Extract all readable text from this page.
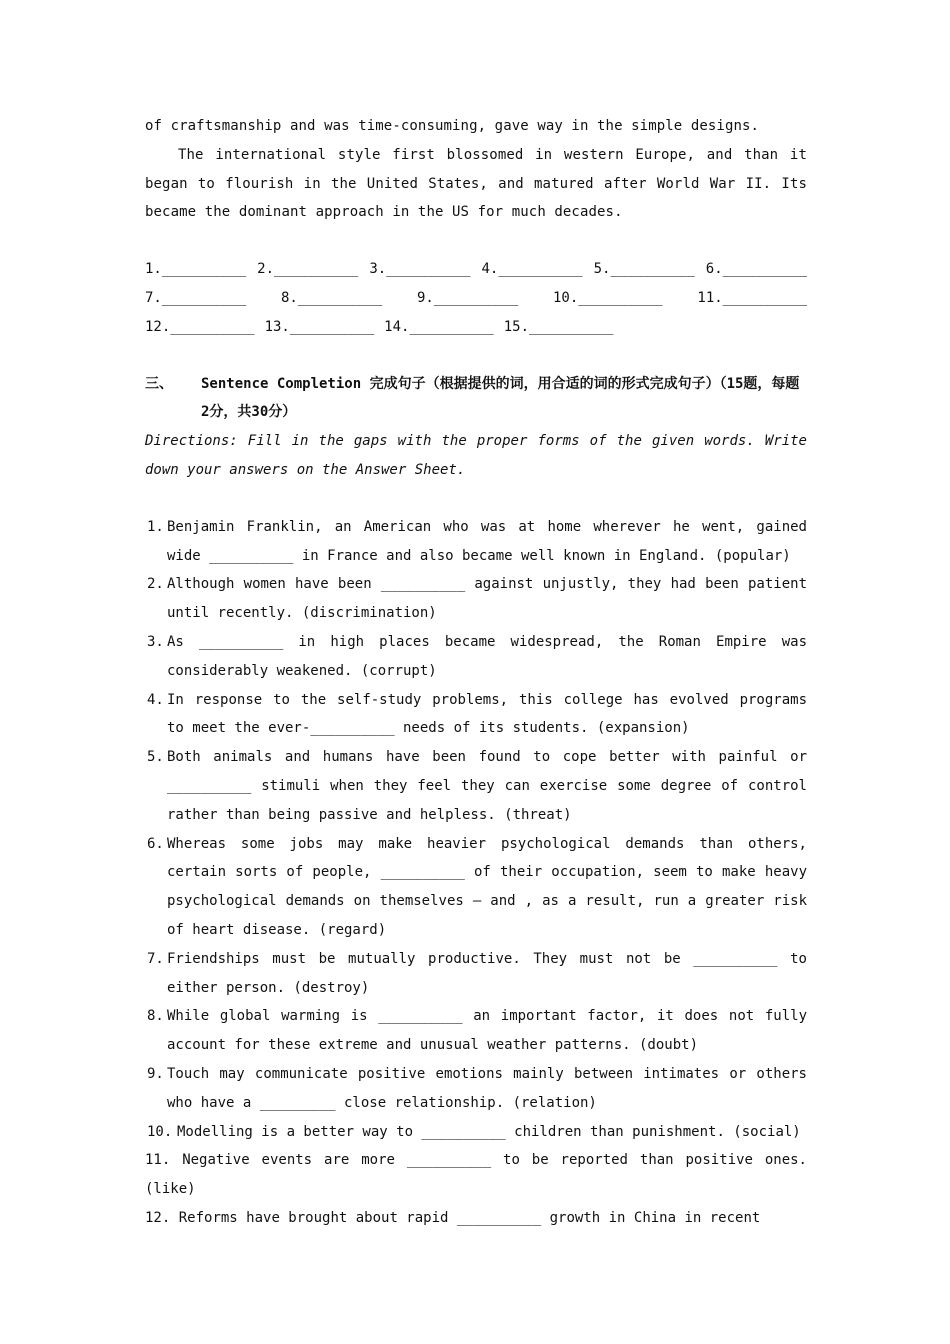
of craftsmanship and was time-consuming, gave way in the simple designs.

The international style first blossomed in western Europe, and than it began to flourish in the United States, and matured after World War II. Its became the dominant approach in the US for much decades.

1.__________ 2.__________ 3.__________ 4.__________ 5.__________ 6.__________
7.__________ 8.__________ 9.__________ 10.__________ 11.__________
12.__________ 13.__________ 14.__________ 15.__________
三、	Sentence Completion 完成句子（根据提供的词，用合适的词的形式完成句子）（15题，每题2分，共30分）

Directions: Fill in the gaps with the proper forms of the given words. Write down your answers on the Answer Sheet.

1. Benjamin Franklin, an American who was at home wherever he went, gained wide __________ in France and also became well known in England. (popular)
2. Although women have been __________ against unjustly, they had been patient until recently. (discrimination)
3. As __________ in high places became widespread, the Roman Empire was considerably weakened. (corrupt)
4. In response to the self-study problems, this college has evolved programs to meet the ever-__________ needs of its students. (expansion)
5. Both animals and humans have been found to cope better with painful or __________ stimuli when they feel they can exercise some degree of control rather than being passive and helpless. (threat)
6. Whereas some jobs may make heavier psychological demands than others, certain sorts of people, __________ of their occupation, seem to make heavy psychological demands on themselves – and , as a result, run a greater risk of heart disease. (regard)
7. Friendships must be mutually productive. They must not be __________ to either person. (destroy)
8. While global warming is __________ an important factor, it does not fully account for these extreme and unusual weather patterns. (doubt)
9. Touch may communicate positive emotions mainly between intimates or others who have a _________ close relationship. (relation)
10. Modelling is a better way to __________ children than punishment. (social)
11. Negative events are more __________ to be reported than positive ones. (like)
12. Reforms have brought about rapid __________ growth in China in recent
